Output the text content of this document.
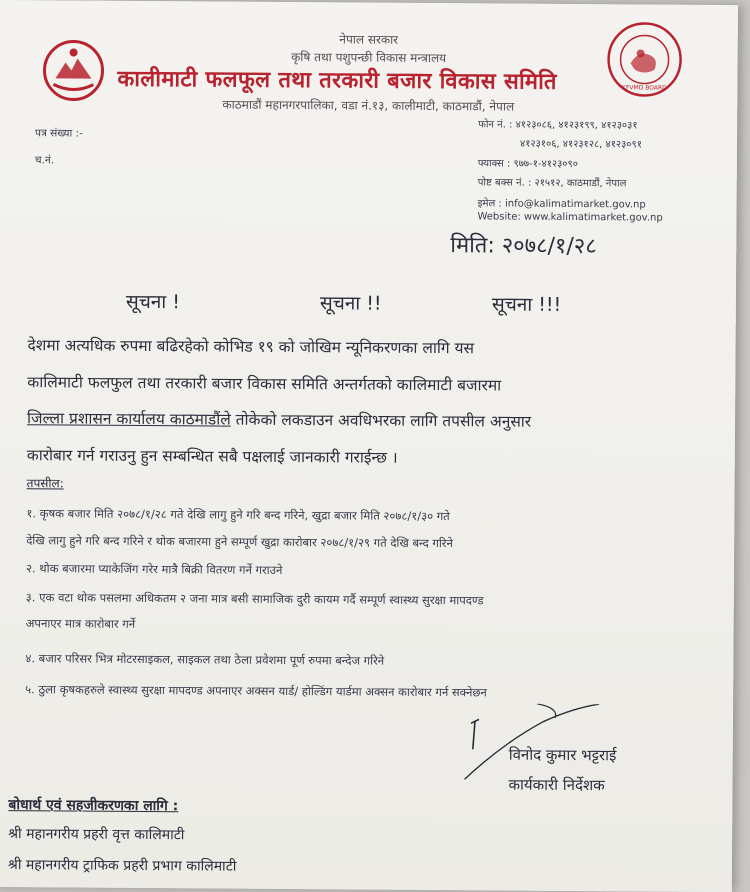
KFVMD BOARD
नेपाल सरकार
कृषि तथा पशुपन्छी विकास मन्त्रालय
कालीमाटी फलफूल तथा तरकारी बजार विकास समिति
काठमाडौं महानगरपालिका, वडा नं.१३, कालीमाटी, काठमाडौं, नेपाल
पत्र संख्या :-
च.नं.
फोन नं. : ४१२३०८६, ४१२३१९९, ४१२३०३१
४१२३१०६, ४१२३१२८, ४१२३०९१
फ्याक्स : ९७७-१-४१२३०९०
पोष्ट बक्स नं. : २१५१२, काठमाडौं, नेपाल
इमेल : info@kalimatimarket.gov.np
Website: www.kalimatimarket.gov.np
मिति: २०७८/१/२८
सूचना !	सूचना !!	सूचना !!!
देशमा अत्यधिक रुपमा बढिरहेको कोभिड १९ को जोखिम न्यूनिकरणका लागि यस
कालिमाटी फलफुल तथा तरकारी बजार विकास समिति अन्तर्गतको कालिमाटी बजारमा
जिल्ला प्रशासन कार्यालय काठमाडौंले तोकेको लकडाउन अवधिभरका लागि तपसील अनुसार
कारोबार गर्न गराउनु हुन सम्बन्धित सबै पक्षलाई जानकारी गराईन्छ ।
तपसील:
१. कृषक बजार मिति २०७८/१/२८ गते देखि लागु हुने गरि बन्द गरिने, खुद्रा बजार मिति २०७८/१/३० गते
देखि लागु हुने गरि बन्द गरिने र थोक बजारमा हुने सम्पूर्ण खुद्रा कारोबार २०७८/१/२९ गते देखि बन्द गरिने
२. थोक बजारमा प्याकेजिंग गरेर मात्रै बिक्री वितरण गर्ने गराउने
३. एक वटा थोक पसलमा अधिकतम २ जना मात्र बसी सामाजिक दुरी कायम गर्दै सम्पूर्ण स्वास्थ्य सुरक्षा मापदण्ड
अपनाएर मात्र कारोबार गर्ने
४. बजार परिसर भित्र मोटरसाइकल, साइकल तथा ठेला प्रवेशमा पूर्ण रुपमा बन्देज गरिने
५. ठुला कृषकहरुले स्वास्थ्य सुरक्षा मापदण्ड अपनाएर अक्सन यार्ड/ होल्डिंग यार्डमा अक्सन कारोबार गर्न सक्नेछन
विनोद कुमार भट्टराई
कार्यकारी निर्देशक
बोधार्थ एवं सहजीकरणका लागि :
श्री महानगरीय प्रहरी वृत्त कालिमाटी
श्री महानगरीय ट्राफिक प्रहरी प्रभाग कालिमाटी
